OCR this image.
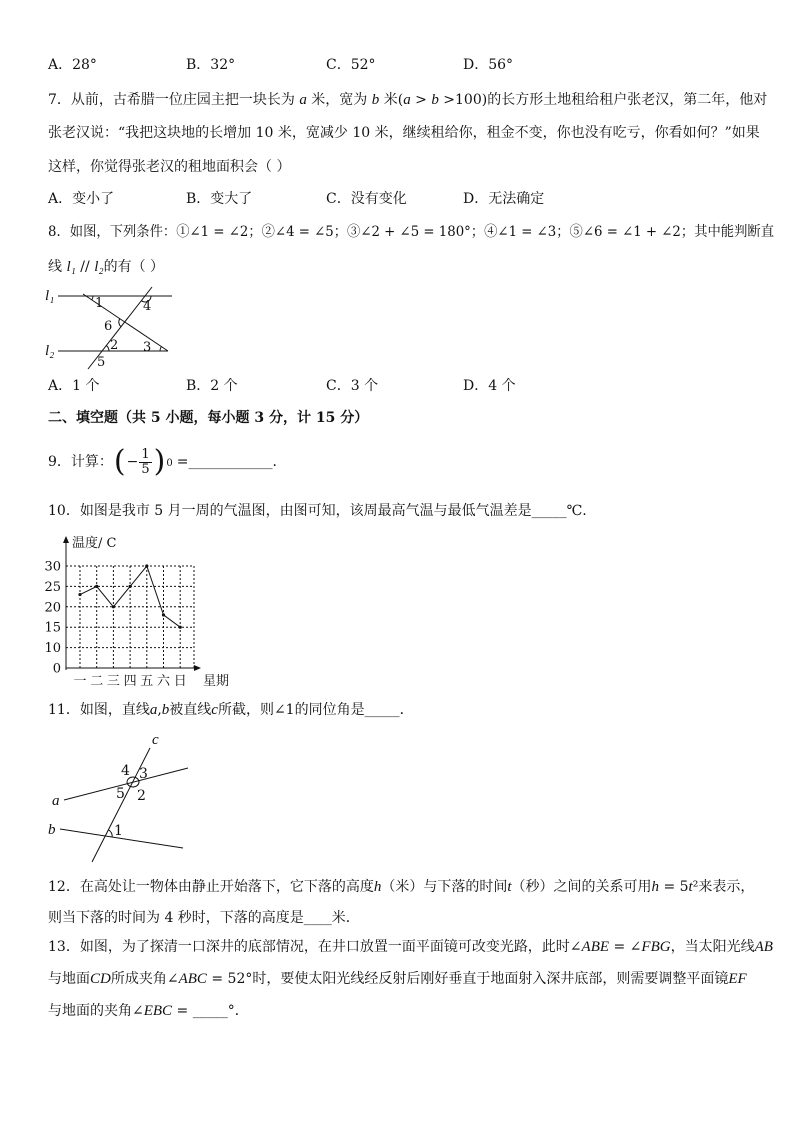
A．28°	B．32°	C．52°	D．56°
7．从前，古希腊一位庄园主把一块长为 a 米，宽为 b 米(a > b >100)的长方形土地租给租户张老汉，第二年，他对
张老汉说：“我把这块地的长增加 10 米，宽减少 10 米，继续租给你，租金不变，你也没有吃亏，你看如何？”如果
这样，你觉得张老汉的租地面积会（ ）
A．变小了	B．变大了	C．没有变化	D．无法确定
8．如图，下列条件：①∠1 = ∠2；②∠4 = ∠5；③∠2 + ∠5 = 180°；④∠1 = ∠3；⑤∠6 = ∠1 + ∠2；其中能判断直
线 l₁ // l₂的有（ ）
l₁
l₂
1
2 3
4
5
6
A．1 个	B．2 个	C．3 个	D．4 个
二、填空题（共 5 小题，每小题 3 分，计 15 分）
9．计算： ( − $\frac{1}{5}$ ) 0 = ____________ ．
10．如图是我市 5 月一周的气温图，由图可知，该周最高气温与最低气温差是_____℃.
0
10
15
20
25
30
一 二 三 四 五 六 日 星期
温度/ C
11．如图，直线a,b被直线c所截，则∠1的同位角是_____．
c
a
b	1
2
3
4
5
12．在高处让一物体由静止开始落下，它下落的高度h（米）与下落的时间t（秒）之间的关系可用h = 5t²来表示，
则当下落的时间为 4 秒时，下落的高度是____米．
13．如图，为了探清一口深井的底部情况，在井口放置一面平面镜可改变光路，此时∠ABE = ∠FBG，当太阳光线AB
与地面CD所成夹角∠ABC = 52°时，要使太阳光线经反射后刚好垂直于地面射入深井底部，则需要调整平面镜EF
与地面的夹角∠EBC = _____°．
